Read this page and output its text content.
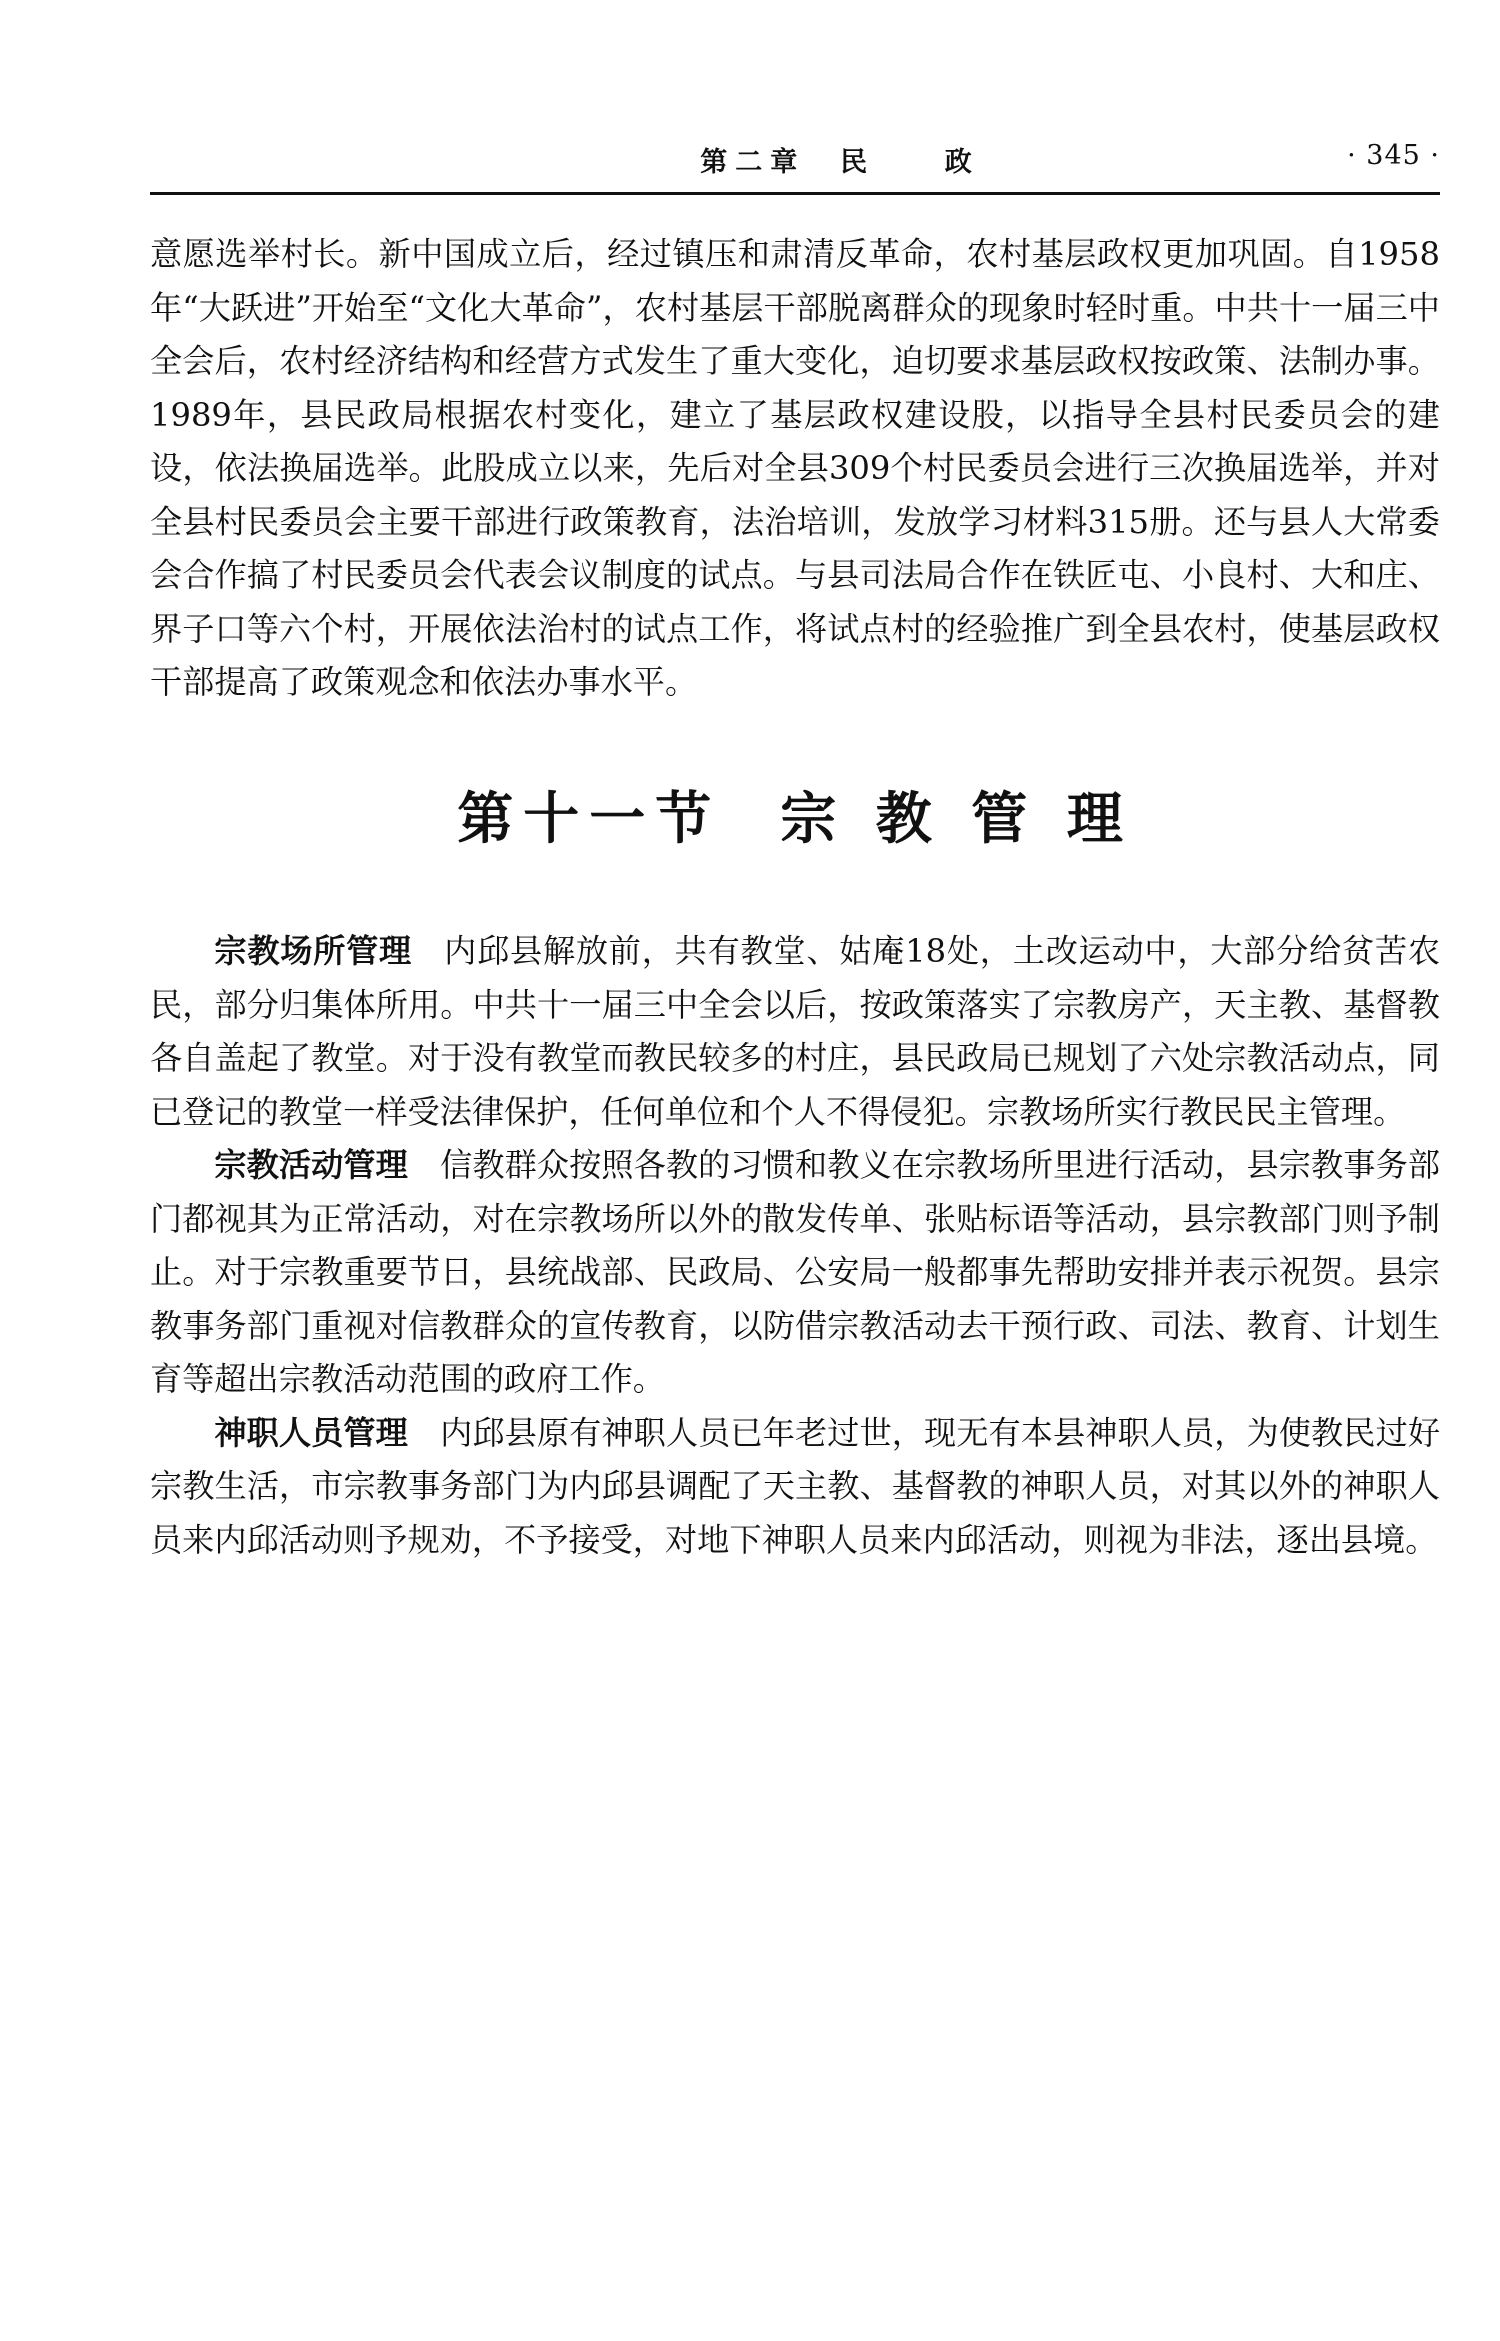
第二章  民    政	· 345 ·

意愿选举村长。新中国成立后，经过镇压和肃清反革命，农村基层政权更加巩固。自1958年“大跃进”开始至“文化大革命”，农村基层干部脱离群众的现象时轻时重。中共十一届三中全会后，农村经济结构和经营方式发生了重大变化，迫切要求基层政权按政策、法制办事。1989年，县民政局根据农村变化，建立了基层政权建设股，以指导全县村民委员会的建设，依法换届选举。此股成立以来，先后对全县309个村民委员会进行三次换届选举，并对全县村民委员会主要干部进行政策教育，法治培训，发放学习材料315册。还与县人大常委会合作搞了村民委员会代表会议制度的试点。与县司法局合作在铁匠屯、小良村、大和庄、界子口等六个村，开展依法治村的试点工作，将试点村的经验推广到全县农村，使基层政权干部提高了政策观念和依法办事水平。

第十一节  宗 教 管 理

宗教场所管理 内邱县解放前，共有教堂、姑庵18处，土改运动中，大部分给贫苦农民，部分归集体所用。中共十一届三中全会以后，按政策落实了宗教房产，天主教、基督教各自盖起了教堂。对于没有教堂而教民较多的村庄，县民政局已规划了六处宗教活动点，同已登记的教堂一样受法律保护，任何单位和个人不得侵犯。宗教场所实行教民民主管理。

宗教活动管理 信教群众按照各教的习惯和教义在宗教场所里进行活动，县宗教事务部门都视其为正常活动，对在宗教场所以外的散发传单、张贴标语等活动，县宗教部门则予制止。对于宗教重要节日，县统战部、民政局、公安局一般都事先帮助安排并表示祝贺。县宗教事务部门重视对信教群众的宣传教育，以防借宗教活动去干预行政、司法、教育、计划生育等超出宗教活动范围的政府工作。

神职人员管理 内邱县原有神职人员已年老过世，现无有本县神职人员，为使教民过好宗教生活，市宗教事务部门为内邱县调配了天主教、基督教的神职人员，对其以外的神职人员来内邱活动则予规劝，不予接受，对地下神职人员来内邱活动，则视为非法，逐出县境。
